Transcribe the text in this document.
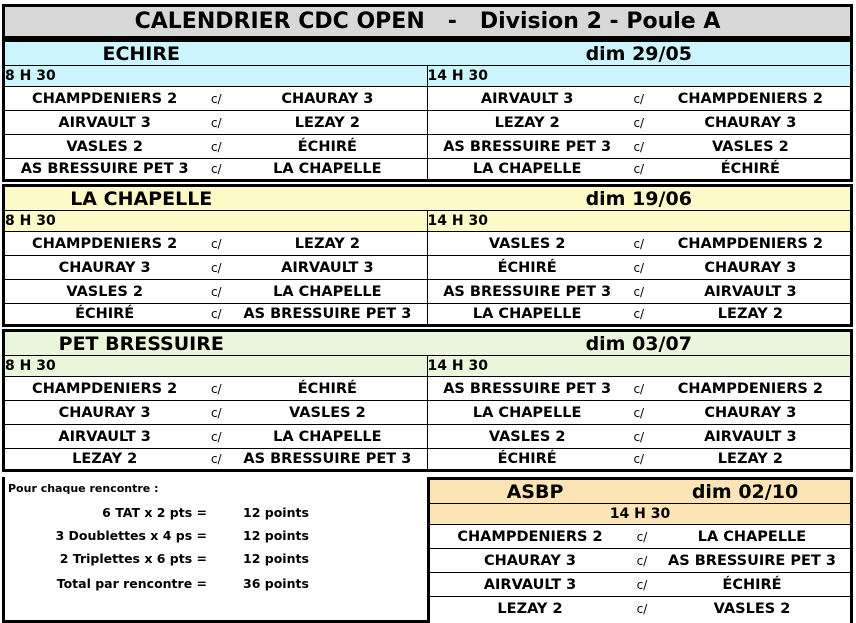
CALENDRIER CDC OPEN   -   Division 2 - Poule A
ECHIRE	dim 29/05
8 H 30	14 H 30
CHAMPDENIERS 2	c/	CHAURAY 3	AIRVAULT 3	c/	CHAMPDENIERS 2
AIRVAULT 3	c/	LEZAY 2	LEZAY 2	c/	CHAURAY 3
VASLES 2	c/	ÉCHIRÉ	AS BRESSUIRE PET 3	c/	VASLES 2
AS BRESSUIRE PET 3	c/	LA CHAPELLE	LA CHAPELLE	c/	ÉCHIRÉ
LA CHAPELLE	dim 19/06
8 H 30	14 H 30
CHAMPDENIERS 2	c/	LEZAY 2	VASLES 2	c/	CHAMPDENIERS 2
CHAURAY 3	c/	AIRVAULT 3	ÉCHIRÉ	c/	CHAURAY 3
VASLES 2	c/	LA CHAPELLE	AS BRESSUIRE PET 3	c/	AIRVAULT 3
ÉCHIRÉ	c/	AS BRESSUIRE PET 3	LA CHAPELLE	c/	LEZAY 2
PET BRESSUIRE	dim 03/07
8 H 30	14 H 30
CHAMPDENIERS 2	c/	ÉCHIRÉ	AS BRESSUIRE PET 3	c/	CHAMPDENIERS 2
CHAURAY 3	c/	VASLES 2	LA CHAPELLE	c/	CHAURAY 3
AIRVAULT 3	c/	LA CHAPELLE	VASLES 2	c/	AIRVAULT 3
LEZAY 2	c/	AS BRESSUIRE PET 3	ÉCHIRÉ	c/	LEZAY 2
Pour chaque rencontre :
6 TAT x 2 pts =	12 points
3 Doublettes x 4 ps =	12 points
2 Triplettes x 6 pts =	12 points
Total par rencontre =	36 points
ASBP	dim 02/10
14 H 30
CHAMPDENIERS 2	c/	LA CHAPELLE
CHAURAY 3	c/	AS BRESSUIRE PET 3
AIRVAULT 3	c/	ÉCHIRÉ
LEZAY 2	c/	VASLES 2
